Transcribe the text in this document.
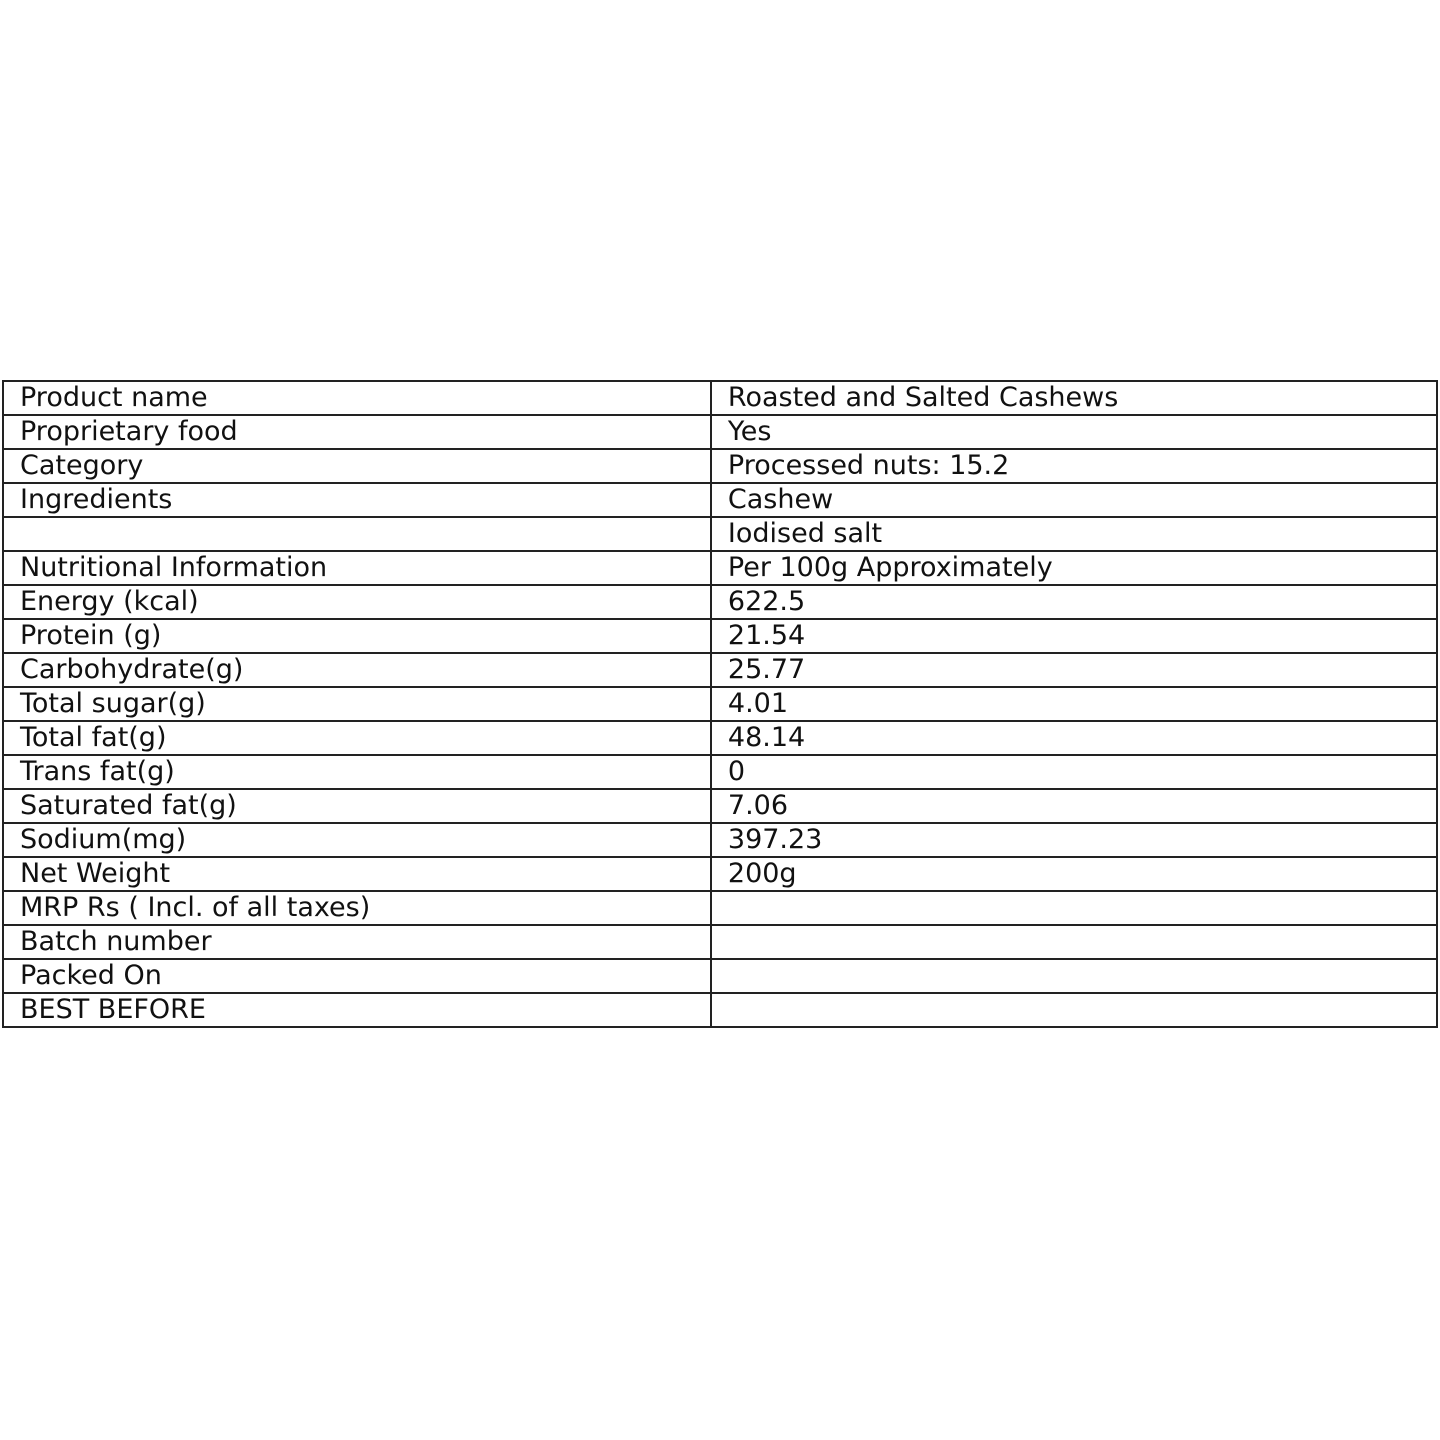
Product name	Roasted and Salted Cashews
Proprietary food	Yes
Category	Processed nuts: 15.2
Ingredients	Cashew
	Iodised salt
Nutritional Information	Per 100g Approximately
Energy (kcal)	622.5
Protein (g)	21.54
Carbohydrate(g)	25.77
Total sugar(g)	4.01
Total fat(g)	48.14
Trans fat(g)	0
Saturated fat(g)	7.06
Sodium(mg)	397.23
Net Weight	200g
MRP Rs ( Incl. of all taxes)	
Batch number	
Packed On	
BEST BEFORE	
